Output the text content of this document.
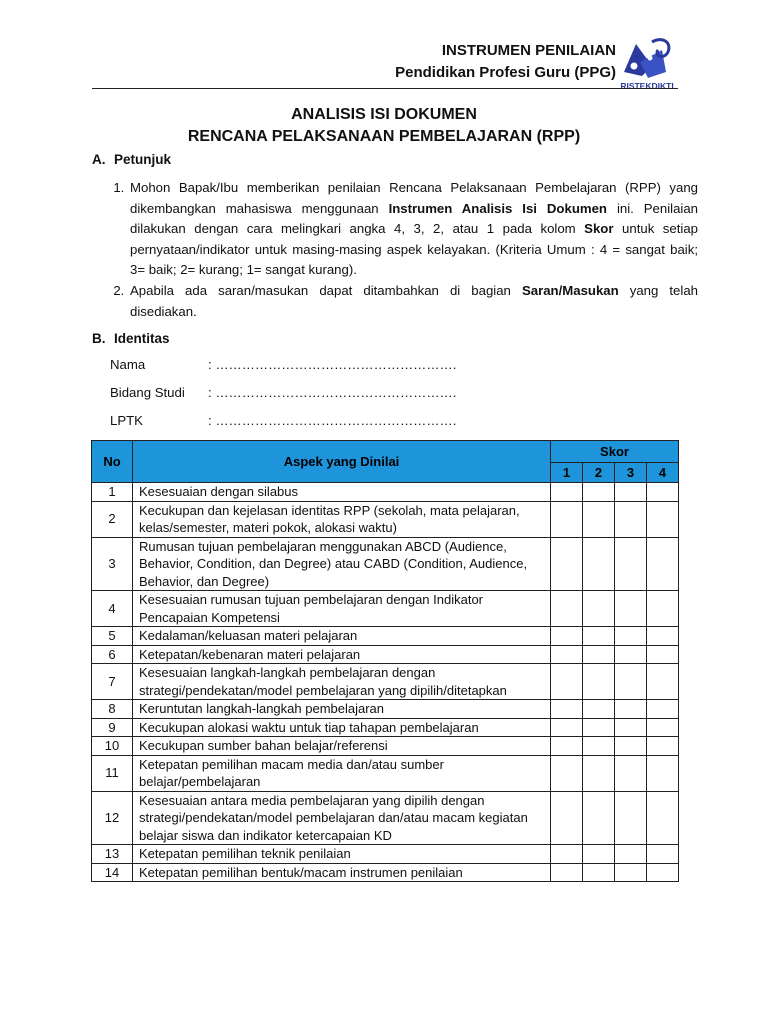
INSTRUMEN PENILAIAN
Pendidikan Profesi Guru (PPG)
RISTEKDIKTI
ANALISIS ISI DOKUMEN
RENCANA PELAKSANAAN PEMBELAJARAN (RPP)
A. Petunjuk
1. Mohon Bapak/Ibu memberikan penilaian Rencana Pelaksanaan Pembelajaran (RPP) yang dikembangkan mahasiswa menggunaan Instrumen Analisis Isi Dokumen ini. Penilaian dilakukan dengan cara melingkari angka 4, 3, 2, atau 1 pada kolom Skor untuk setiap pernyataan/indikator untuk masing-masing aspek kelayakan. (Kriteria Umum : 4 = sangat baik; 3= baik; 2= kurang; 1= sangat kurang).
2. Apabila ada saran/masukan dapat ditambahkan di bagian Saran/Masukan yang telah disediakan.
B. Identitas
Nama	: ……………………………………………….
Bidang Studi : ……………………………………………….
LPTK	: ……………………………………………….
No	Aspek yang Dinilai	Skor			
		1	2	3	4
1	Kesesuaian dengan silabus				
2	Kecukupan dan kejelasan identitas RPP (sekolah, mata pelajaran, kelas/semester, materi pokok, alokasi waktu)				
3	Rumusan tujuan pembelajaran menggunakan ABCD (Audience, Behavior, Condition, dan Degree) atau CABD (Condition, Audience, Behavior, dan Degree)				
4	Kesesuaian rumusan tujuan pembelajaran dengan Indikator Pencapaian Kompetensi				
5	Kedalaman/keluasan materi pelajaran				
6	Ketepatan/kebenaran materi pelajaran				
7	Kesesuaian langkah-langkah pembelajaran dengan strategi/pendekatan/model pembelajaran yang dipilih/ditetapkan				
8	Keruntutan langkah-langkah pembelajaran				
9	Kecukupan alokasi waktu untuk tiap tahapan pembelajaran				
10	Kecukupan sumber bahan belajar/referensi				
11	Ketepatan pemilihan macam media dan/atau sumber belajar/pembelajaran				
12	Kesesuaian antara media pembelajaran yang dipilih dengan strategi/pendekatan/model pembelajaran dan/atau macam kegiatan belajar siswa dan indikator ketercapaian KD				
13	Ketepatan pemilihan teknik penilaian				
14	Ketepatan pemilihan bentuk/macam instrumen penilaian				
